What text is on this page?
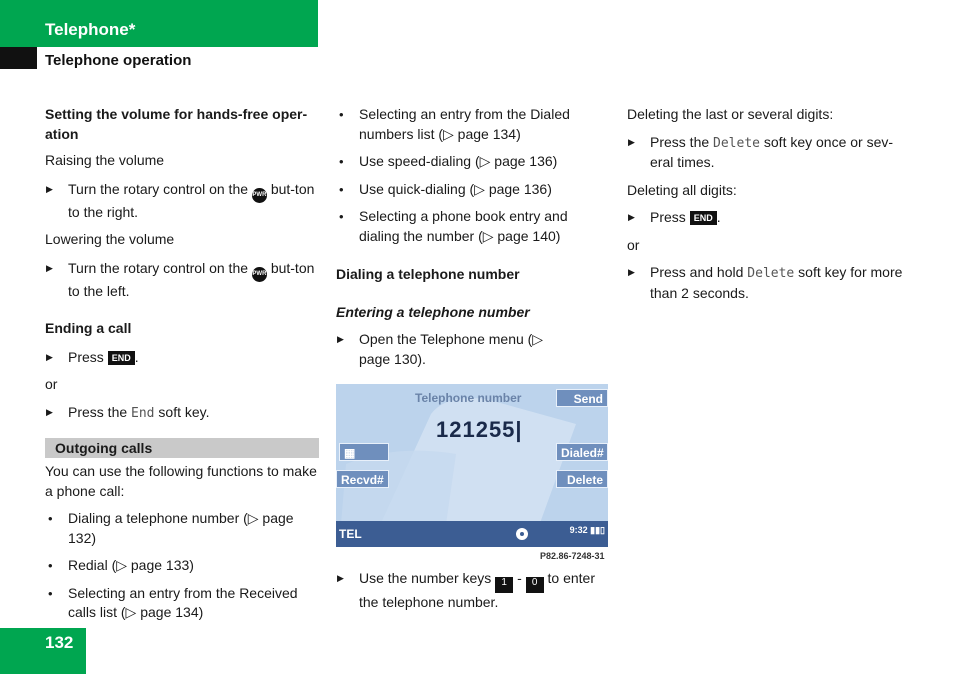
Telephone*
Telephone operation

Setting the volume for hands-free oper-ation

Raising the volume

▶ Turn the rotary control on the PWR but-ton to the right.

Lowering the volume

▶ Turn the rotary control on the PWR but-ton to the left.

Ending a call

▶ Press END .

or

▶ Press the End soft key.

Outgoing calls

You can use the following functions to make a phone call:

• Dialing a telephone number (▷ page 132)

• Redial (▷ page 133)

• Selecting an entry from the Received calls list (▷ page 134)

• Selecting an entry from the Dialed numbers list (▷ page 134)

• Use speed-dialing (▷ page 136)

• Use quick-dialing (▷ page 136)

• Selecting a phone book entry and dialing the number (▷ page 140)

Dialing a telephone number

Entering a telephone number

▶ Open the Telephone menu (▷ page 130).

Telephone number
121255|
Send
▦	Dialed#
Recvd#	Delete
TEL	9:32 ▮▮▯
P82.86-7248-31

▶ Use the number keys 1 - 0 to enter the telephone number.

Deleting the last or several digits:

▶ Press the Delete soft key once or sev-eral times.

Deleting all digits:

▶ Press END .

or

▶ Press and hold Delete soft key for more than 2 seconds.

132
